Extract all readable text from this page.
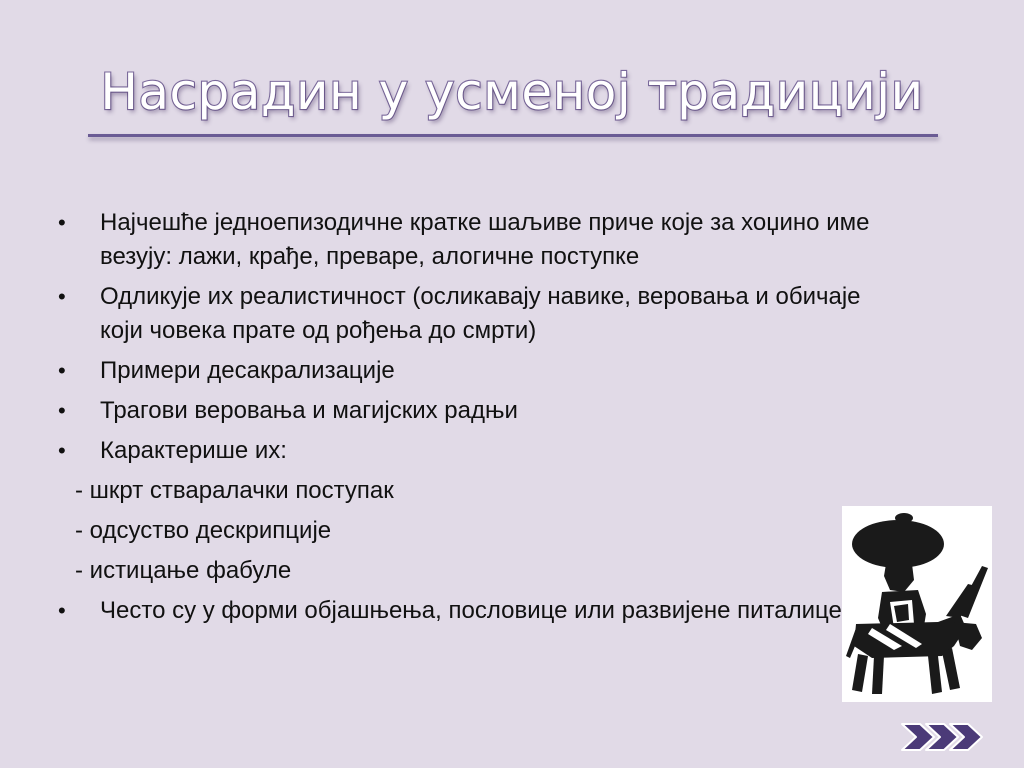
Насрадин у усменој традицији
• Најчешће једноепизодичне кратке шаљиве приче које за хоџино име везују: лажи, крађе, преваре, алогичне поступке
• Одликује их реалистичност (осликавају навике, веровања и обичаје који човека прате од рођења до смрти)
• Примери десакрализације
• Трагови веровања и магијских радњи
• Карактерише их:
- шкрт стваралачки поступак
- одсуство дескрипције
- истицање фабуле
• Често су у форми објашњења, пословице или развијене питалице
